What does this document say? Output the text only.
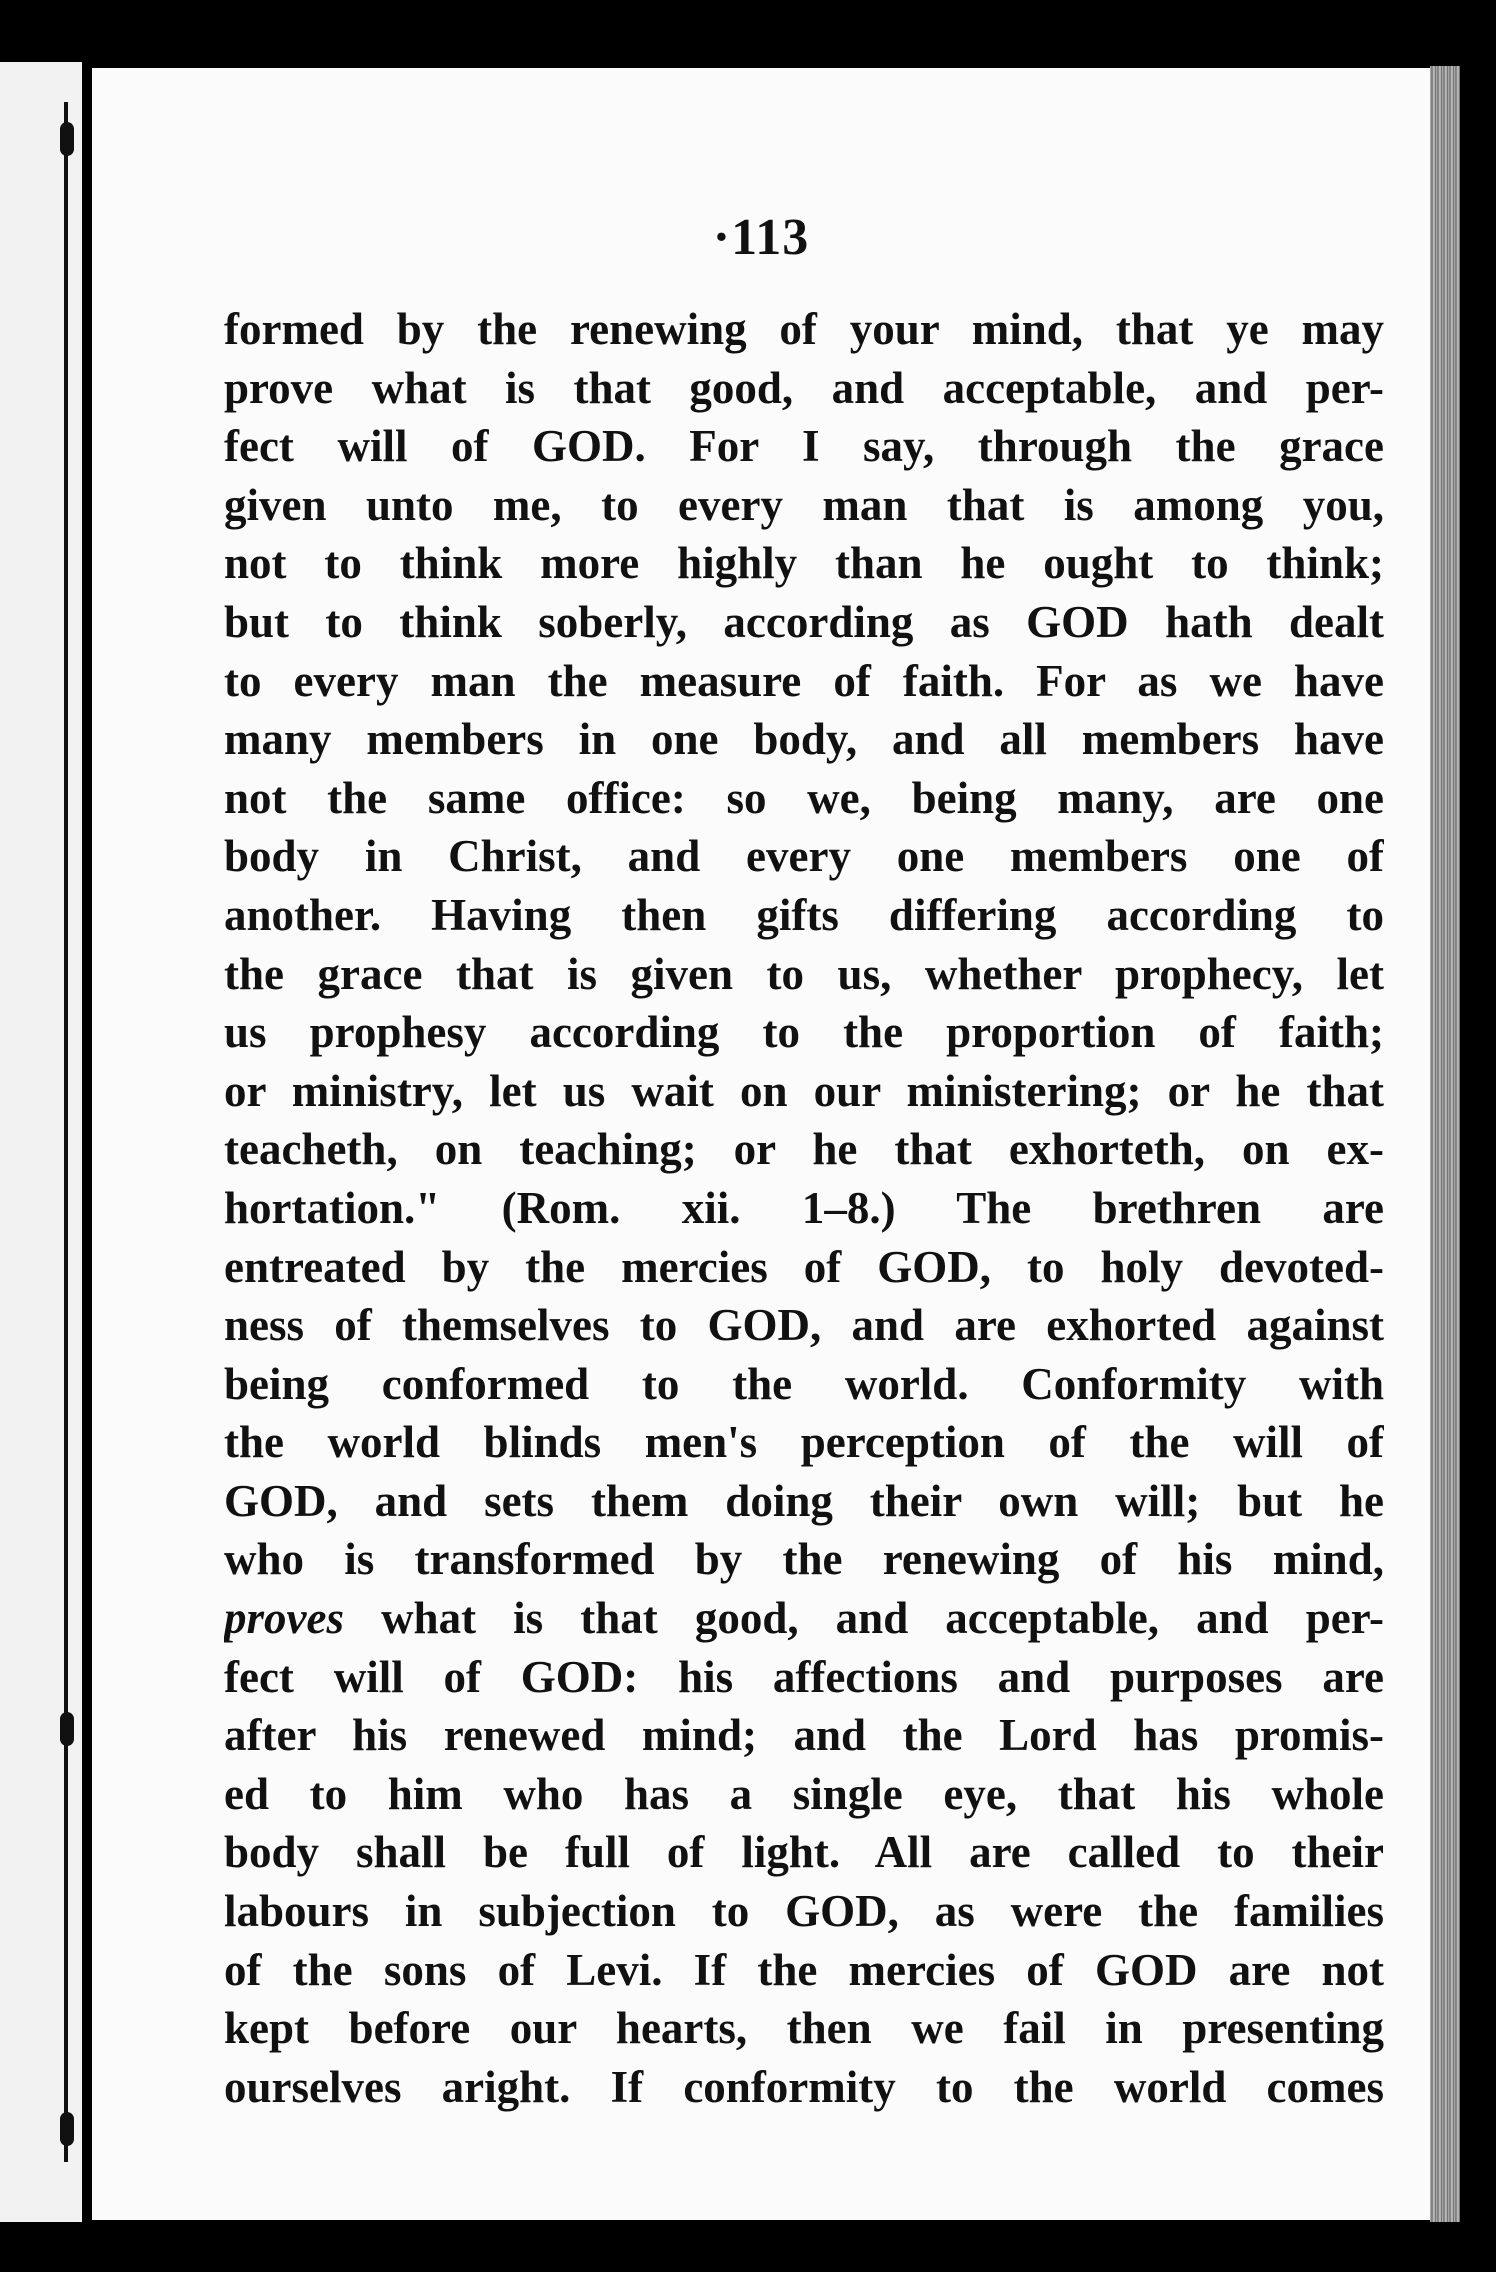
·113
formed by the renewing of your mind, that ye may
prove what is that good, and acceptable, and per-
fect will of GOD. For I say, through the grace
given unto me, to every man that is among you,
not to think more highly than he ought to think;
but to think soberly, according as GOD hath dealt
to every man the measure of faith. For as we have
many members in one body, and all members have
not the same office: so we, being many, are one
body in Christ, and every one members one of
another. Having then gifts differing according to
the grace that is given to us, whether prophecy, let
us prophesy according to the proportion of faith;
or ministry, let us wait on our ministering; or he that
teacheth, on teaching; or he that exhorteth, on ex-
hortation." (Rom. xii. 1–8.) The brethren are
entreated by the mercies of GOD, to holy devoted-
ness of themselves to GOD, and are exhorted against
being conformed to the world. Conformity with
the world blinds men's perception of the will of
GOD, and sets them doing their own will; but he
who is transformed by the renewing of his mind,
proves what is that good, and acceptable, and per-
fect will of GOD: his affections and purposes are
after his renewed mind; and the Lord has promis-
ed to him who has a single eye, that his whole
body shall be full of light. All are called to their
labours in subjection to GOD, as were the families
of the sons of Levi. If the mercies of GOD are not
kept before our hearts, then we fail in presenting
ourselves aright. If conformity to the world comes
